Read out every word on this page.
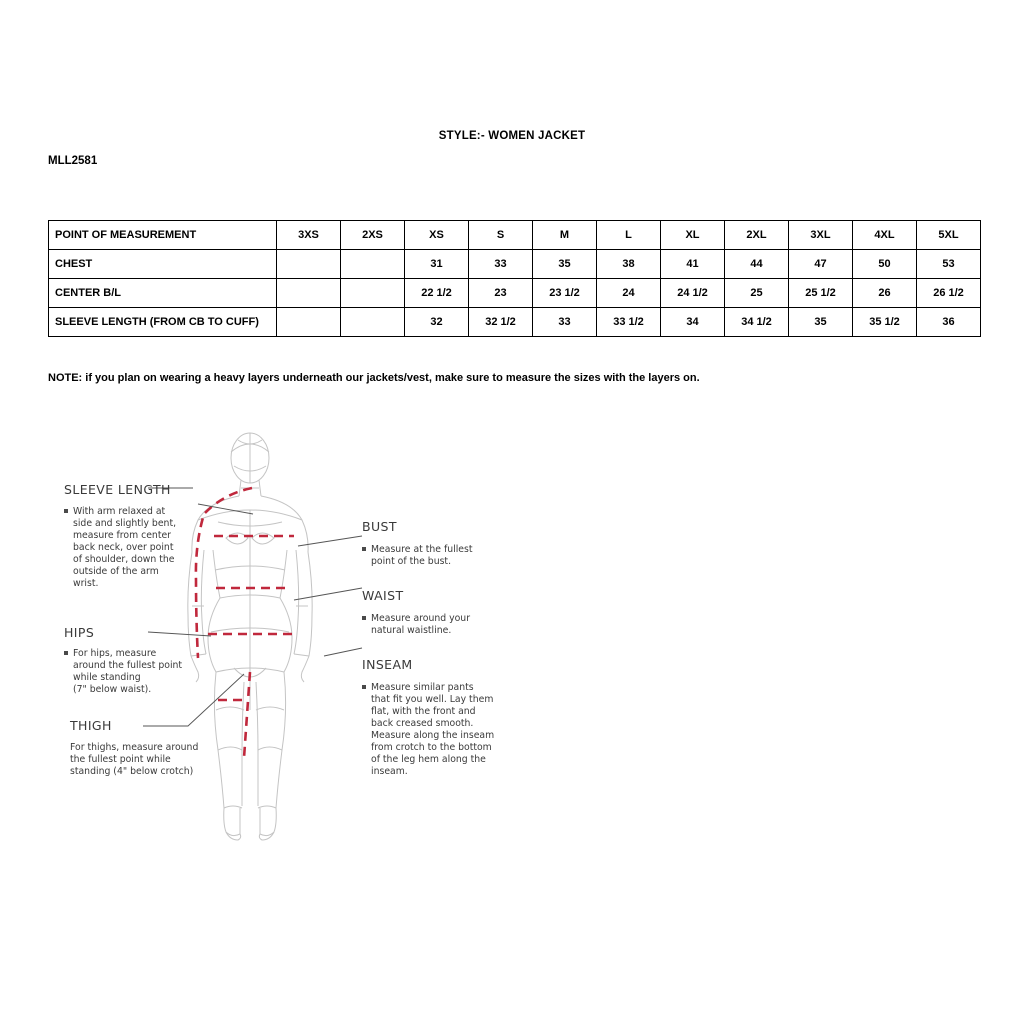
STYLE:- WOMEN JACKET
MLL2581
POINT OF MEASUREMENT	3XS	2XS	XS	S	M	L	XL	2XL	3XL	4XL	5XL
CHEST			31	33	35	38	41	44	47	50	53
CENTER B/L			22 1/2	23	23 1/2	24	24 1/2	25	25 1/2	26	26 1/2
SLEEVE LENGTH (FROM CB TO CUFF)			32	32 1/2	33	33 1/2	34	34 1/2	35	35 1/2	36
NOTE: if you plan on wearing a heavy layers underneath our jackets/vest, make sure to measure the sizes with the layers on.
SLEEVE LENGTH
With arm relaxed at
side and slightly bent,
measure from center
back neck, over point
of shoulder, down the
outside of the arm
wrist.
HIPS
For hips, measure
around the fullest point
while standing
(7" below waist).
THIGH
For thighs, measure around
the fullest point while
standing (4" below crotch)
BUST
Measure at the fullest
point of the bust.
WAIST
Measure around your
natural waistline.
INSEAM
Measure similar pants
that fit you well. Lay them
flat, with the front and
back creased smooth.
Measure along the inseam
from crotch to the bottom
of the leg hem along the
inseam.
